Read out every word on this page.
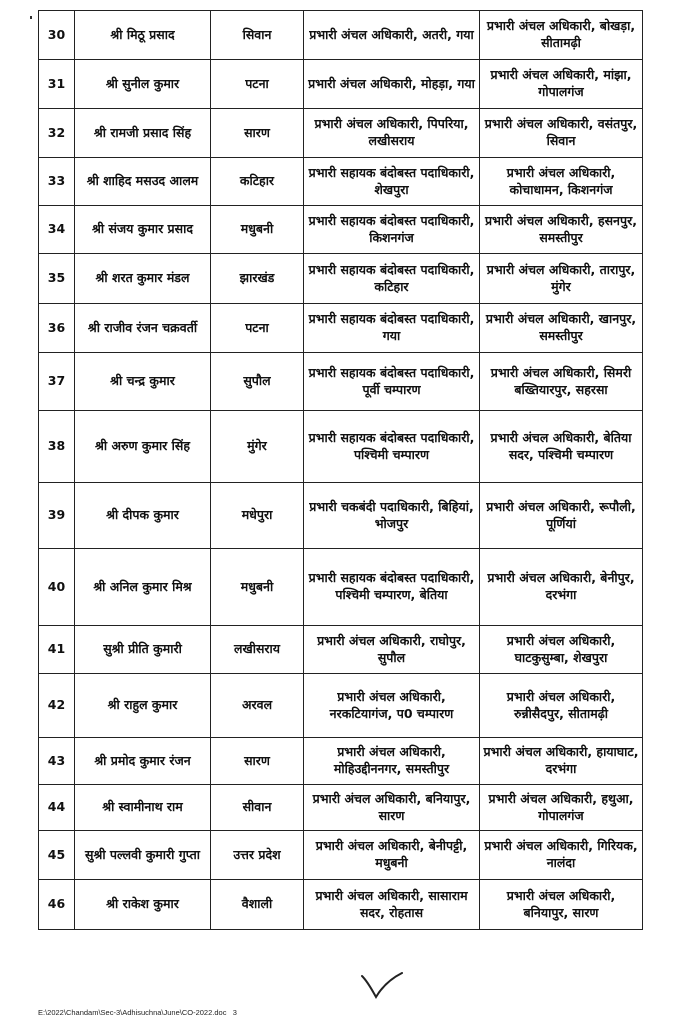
30	श्री मिठू प्रसाद	सिवान	प्रभारी अंचल अधिकारी, अतरी, गया	प्रभारी अंचल अधिकारी, बोखड़ा, सीतामढ़ी
31	श्री सुनील कुमार	पटना	प्रभारी अंचल अधिकारी, मोहड़ा, गया	प्रभारी अंचल अधिकारी, मांझा, गोपालगंज
32	श्री रामजी प्रसाद सिंह	सारण	प्रभारी अंचल अधिकारी, पिपरिया, लखीसराय	प्रभारी अंचल अधिकारी, वसंतपुर, सिवान
33	श्री शाहिद मसउद आलम	कटिहार	प्रभारी सहायक बंदोबस्त पदाधिकारी, शेखपुरा	प्रभारी अंचल अधिकारी, कोचाधामन, किशनगंज
34	श्री संजय कुमार प्रसाद	मधुबनी	प्रभारी सहायक बंदोबस्त पदाधिकारी, किशनगंज	प्रभारी अंचल अधिकारी, हसनपुर, समस्तीपुर
35	श्री शरत कुमार मंडल	झारखंड	प्रभारी सहायक बंदोबस्त पदाधिकारी, कटिहार	प्रभारी अंचल अधिकारी, तारापुर, मुंगेर
36	श्री राजीव रंजन चक्रवर्ती	पटना	प्रभारी सहायक बंदोबस्त पदाधिकारी, गया	प्रभारी अंचल अधिकारी, खानपुर, समस्तीपुर
37	श्री चन्द्र कुमार	सुपौल	प्रभारी सहायक बंदोबस्त पदाधिकारी, पूर्वी चम्पारण	प्रभारी अंचल अधिकारी, सिमरी बख्तियारपुर, सहरसा
38	श्री अरुण कुमार सिंह	मुंगेर	प्रभारी सहायक बंदोबस्त पदाधिकारी, पश्चिमी चम्पारण	प्रभारी अंचल अधिकारी, बेतिया सदर, पश्चिमी चम्पारण
39	श्री दीपक कुमार	मधेपुरा	प्रभारी चकबंदी पदाधिकारी, बिहियां, भोजपुर	प्रभारी अंचल अधिकारी, रूपौली, पूर्णियां
40	श्री अनिल कुमार मिश्र	मधुबनी	प्रभारी सहायक बंदोबस्त पदाधिकारी, पश्चिमी चम्पारण, बेतिया	प्रभारी अंचल अधिकारी, बेनीपुर, दरभंगा
41	सुश्री प्रीति कुमारी	लखीसराय	प्रभारी अंचल अधिकारी, राघोपुर, सुपौल	प्रभारी अंचल अधिकारी, घाटकुसुम्बा, शेखपुरा
42	श्री राहुल कुमार	अरवल	प्रभारी अंचल अधिकारी, नरकटियागंज, प0 चम्पारण	प्रभारी अंचल अधिकारी, रुन्नीसैदपुर, सीतामढ़ी
43	श्री प्रमोद कुमार रंजन	सारण	प्रभारी अंचल अधिकारी, मोहिउद्दीननगर, समस्तीपुर	प्रभारी अंचल अधिकारी, हायाघाट, दरभंगा
44	श्री स्वामीनाथ राम	सीवान	प्रभारी अंचल अधिकारी, बनियापुर, सारण	प्रभारी अंचल अधिकारी, हथुआ, गोपालगंज
45	सुश्री पल्लवी कुमारी गुप्ता	उत्तर प्रदेश	प्रभारी अंचल अधिकारी, बेनीपट्टी, मधुबनी	प्रभारी अंचल अधिकारी, गिरियक, नालंदा
46	श्री राकेश कुमार	वैशाली	प्रभारी अंचल अधिकारी, सासाराम सदर, रोहतास	प्रभारी अंचल अधिकारी, बनियापुर, सारण
E:\2022\Chandam\Sec-3\Adhisuchna\June\CO-2022.doc 3
